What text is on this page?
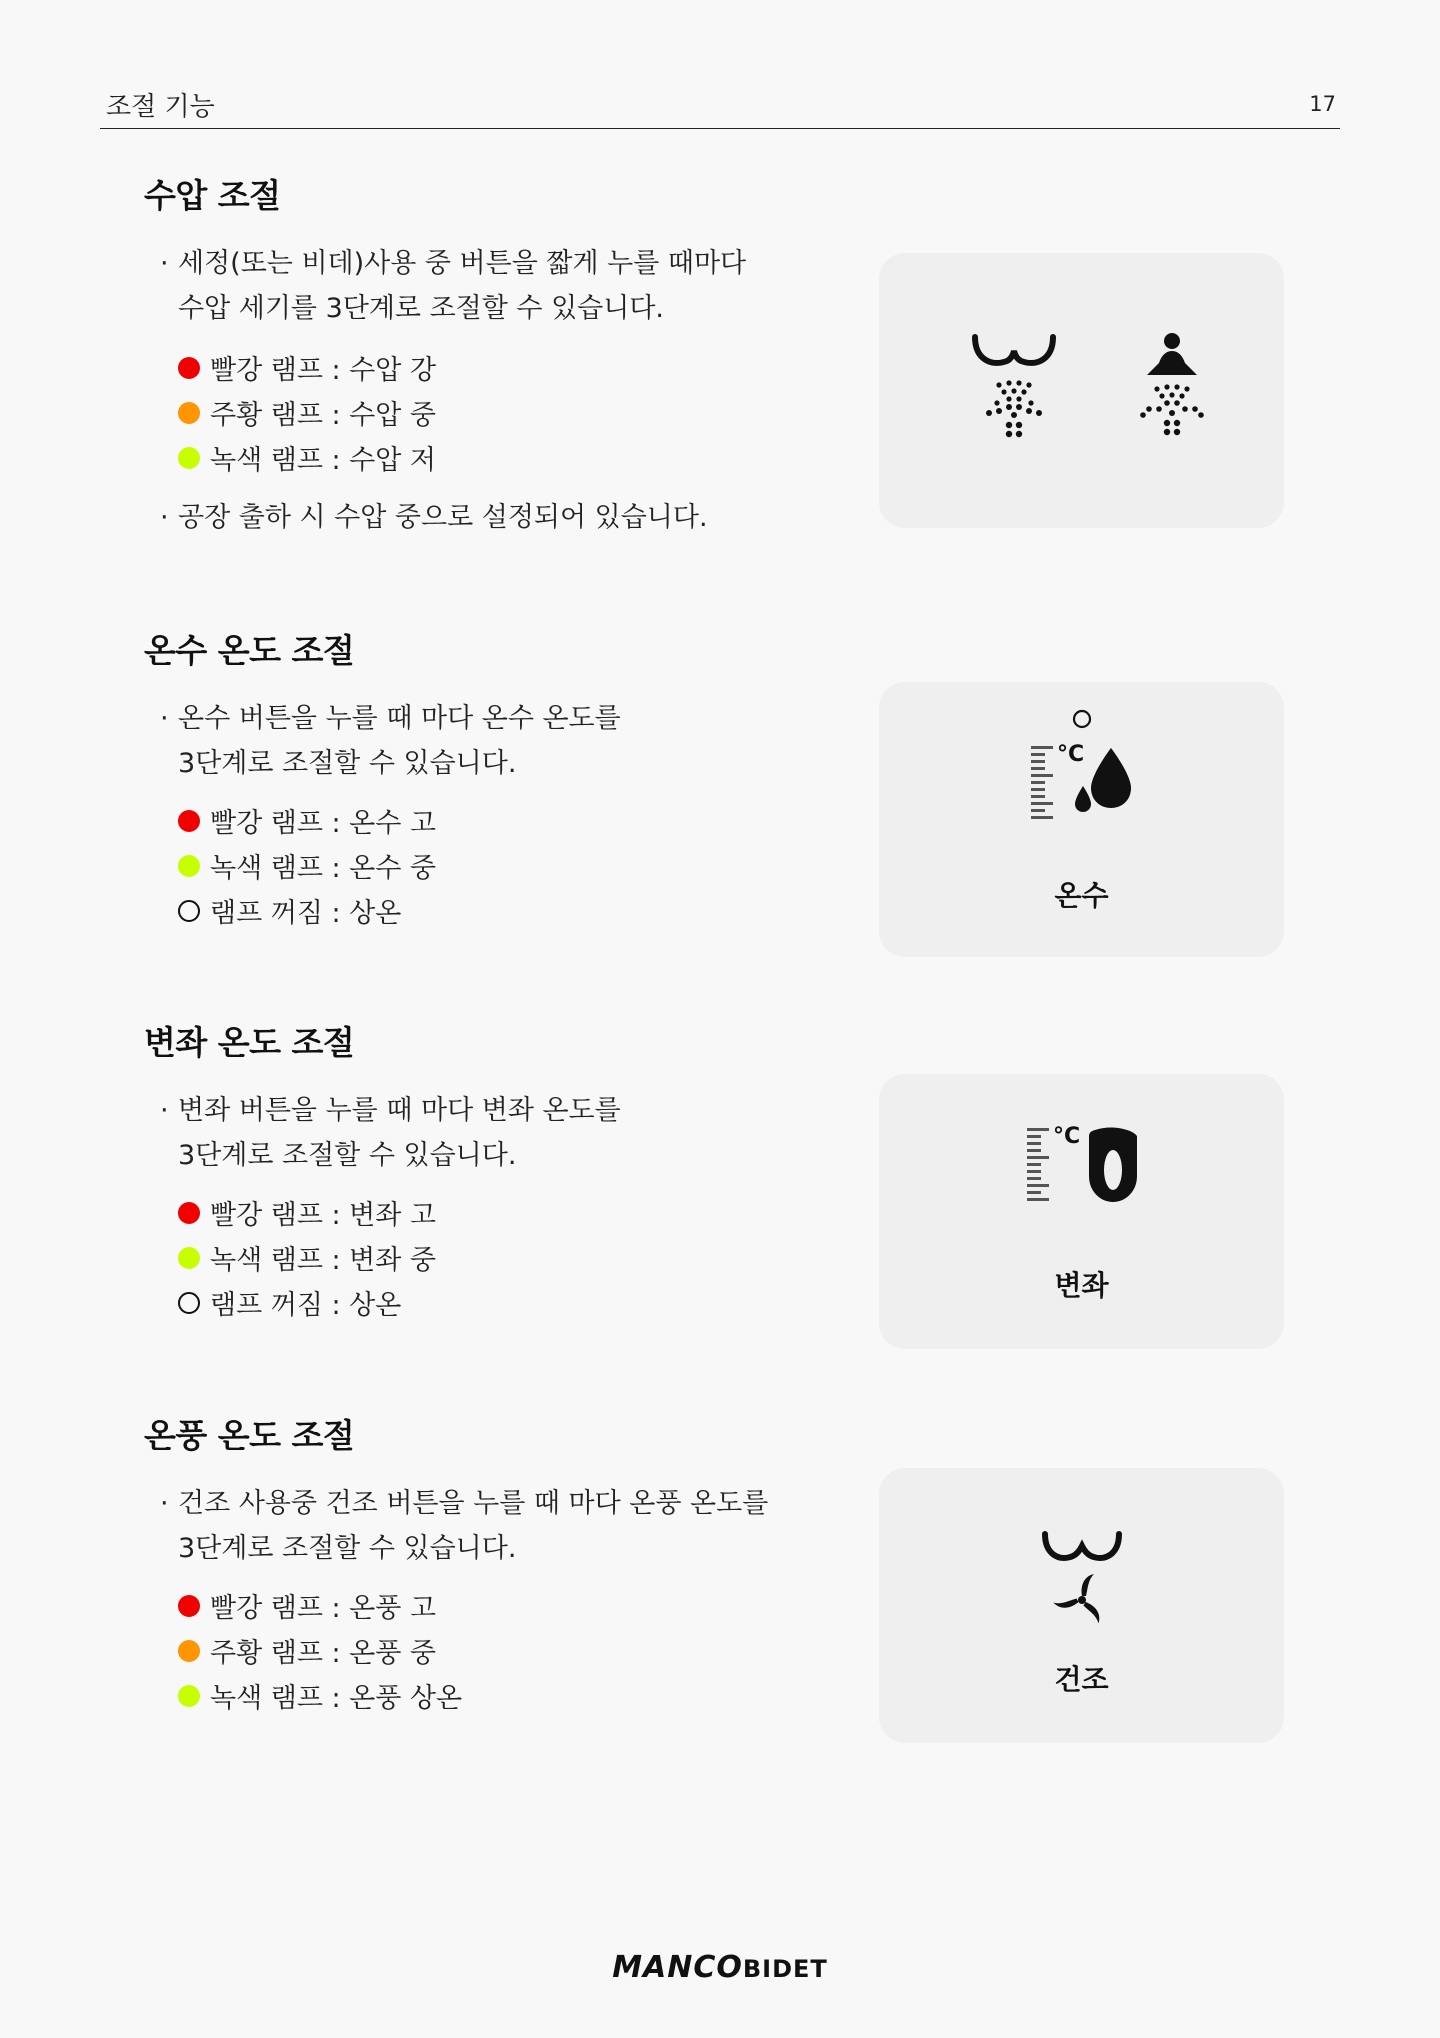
조절 기능	17
수압 조절
· 세정(또는 비데)사용 중 버튼을 짧게 누를 때마다
수압 세기를 3단계로 조절할 수 있습니다.
빨강 램프 : 수압 강
주황 램프 : 수압 중
녹색 램프 : 수압 저
· 공장 출하 시 수압 중으로 설정되어 있습니다.
온수 온도 조절
· 온수 버튼을 누를 때 마다 온수 온도를
3단계로 조절할 수 있습니다.
빨강 램프 : 온수 고
녹색 램프 : 온수 중
램프 꺼짐 : 상온
°C
온수
변좌 온도 조절
· 변좌 버튼을 누를 때 마다 변좌 온도를
3단계로 조절할 수 있습니다.
빨강 램프 : 변좌 고
녹색 램프 : 변좌 중
램프 꺼짐 : 상온
°C
변좌
온풍 온도 조절
· 건조 사용중 건조 버튼을 누를 때 마다 온풍 온도를
3단계로 조절할 수 있습니다.
빨강 램프 : 온풍 고
주황 램프 : 온풍 중
녹색 램프 : 온풍 상온
건조
MANCOBIDET
